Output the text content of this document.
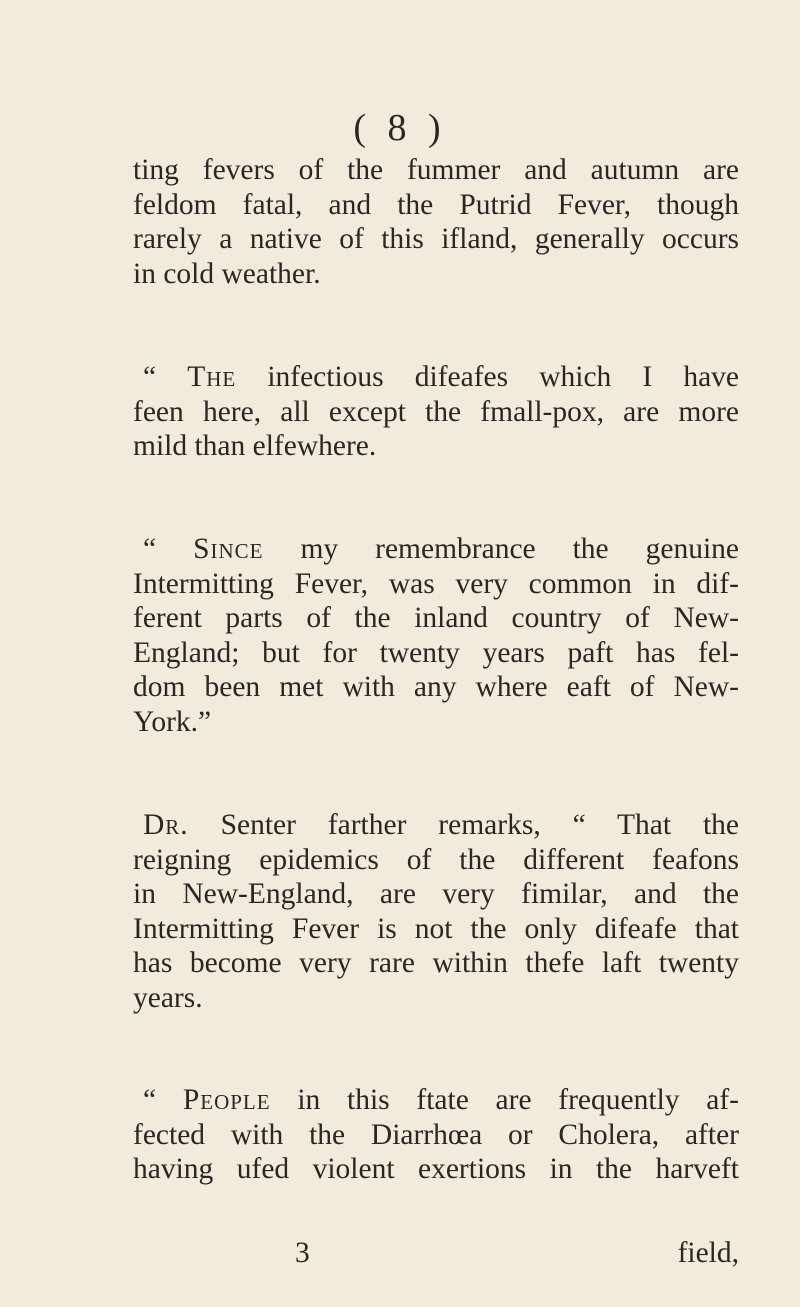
( 8 )
ting fevers of the fummer and autumn are
feldom fatal, and the Putrid Fever, though
rarely a native of this ifland, generally occurs
in cold weather.
“ The infectious difeafes which I have
feen here, all except the fmall-pox, are more
mild than elfewhere.
“ Since my remembrance the genuine
Intermitting Fever, was very common in dif-
ferent parts of the inland country of New-
England; but for twenty years paft has fel-
dom been met with any where eaft of New-
York.”
Dr. Senter farther remarks, “ That the
reigning epidemics of the different feafons
in New-England, are very fimilar, and the
Intermitting Fever is not the only difeafe that
has become very rare within thefe laft twenty
years.
“ People in this ftate are frequently af-
fected with the Diarrhœa or Cholera, after
having ufed violent exertions in the harveft
3	field,
